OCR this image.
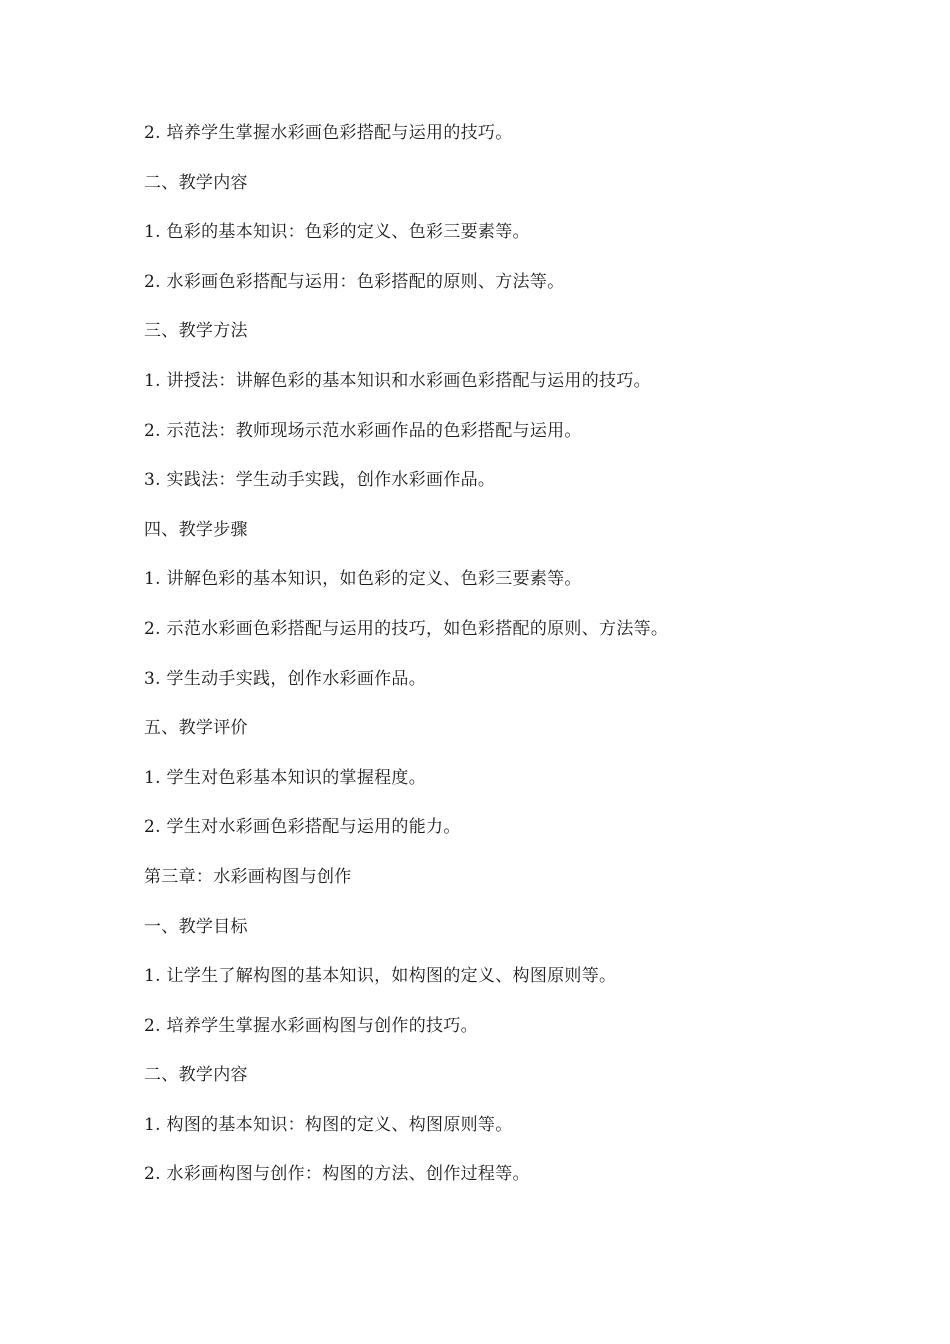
2. 培养学生掌握水彩画色彩搭配与运用的技巧。

二、教学内容

1. 色彩的基本知识：色彩的定义、色彩三要素等。

2. 水彩画色彩搭配与运用：色彩搭配的原则、方法等。

三、教学方法

1. 讲授法：讲解色彩的基本知识和水彩画色彩搭配与运用的技巧。

2. 示范法：教师现场示范水彩画作品的色彩搭配与运用。

3. 实践法：学生动手实践，创作水彩画作品。

四、教学步骤

1. 讲解色彩的基本知识，如色彩的定义、色彩三要素等。

2. 示范水彩画色彩搭配与运用的技巧，如色彩搭配的原则、方法等。

3. 学生动手实践，创作水彩画作品。

五、教学评价

1. 学生对色彩基本知识的掌握程度。

2. 学生对水彩画色彩搭配与运用的能力。

第三章：水彩画构图与创作

一、教学目标

1. 让学生了解构图的基本知识，如构图的定义、构图原则等。

2. 培养学生掌握水彩画构图与创作的技巧。

二、教学内容

1. 构图的基本知识：构图的定义、构图原则等。

2. 水彩画构图与创作：构图的方法、创作过程等。
